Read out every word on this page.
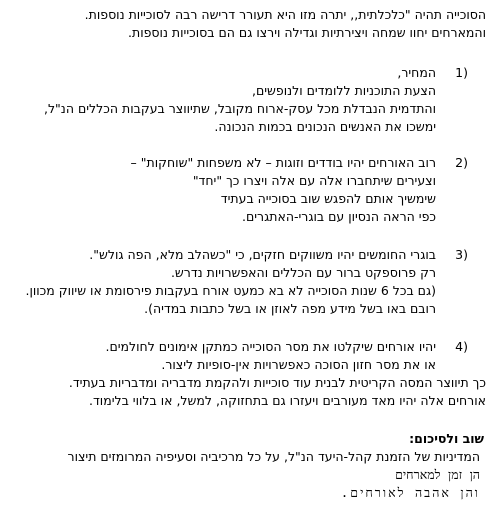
הסוכייה תהיה "כלכלתית,, יתרה מזו היא תעורר דרישה רבה לסוכייות נוספות.
והמארחים יחוו שמחה ויצירתיות וגדילה וירצו גם הם בסוכייות נוספות.
1)
המחיר,
הצעת התוכניות ללומדים ולנופשים,
והתדמית הנבדלת מכל עסק-ארוח מקובל, שתיווצר בעקבות הכללים הנ"ל,
ימשכו את האנשים הנכונים בכמות הנכונה.
2)
רוב האורחים יהיו בודדים וזוגות – לא משפחות "שוחקות" –
וצעירים שיתחברו אלה עם אלה ויצרו כך "יחד"
שימשיך אותם להפגש שוב בסוכייה בעתיד
כפי הראה הנסיון עם בוגרי-האתגרים.
3)
בוגרי החומשים יהיו משווקים חזקים, כי "כשהלב מלא, הפה גולש".
רק פרוספקט ברור עם הכללים והאפשרויות נדרש.
(גם בכל 6 שנות הסוכייה לא בא כמעט אורח בעקבות פירסומת או שיווק מכוון.
רובם באו בשל מידע מפה לאוזן או בשל כתבות במדיה).
4)
יהיו אורחים שיקלטו את מסר הסוכייה כמתקן אימונים לחולמים.
או את מסר חזון הסוכה כאפשרויות אין-סופיות ליצור.
כך תיווצר המסה הקריטית לבנית עוד סוכייות ולהקמת מדבריה ומדבריות בעתיד.
אורחים אלה יהיו מאד מעורבים ויעזרו גם בתחזוקה, למשל, או בלווי בלימוד.
שוב ולסיכום:
המדיניות של הזמנת קהל-היעד הנ"ל, על כל מרכיביה וסעיפיה המרומזים תיצור
הן זמן למארחים
והן אהבה לאורחים.
